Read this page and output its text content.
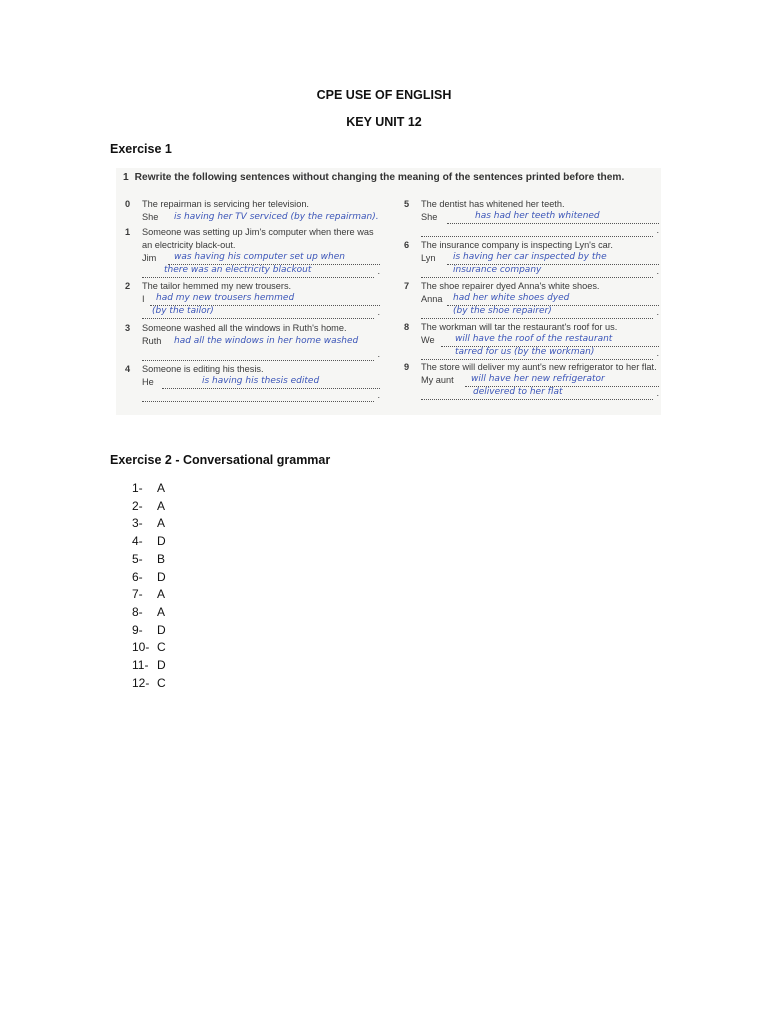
CPE USE OF ENGLISH
KEY UNIT 12
Exercise 1
1 Rewrite the following sentences without changing the meaning of the sentences printed before them.
0	The repairman is servicing her television.
She	is having her TV serviced (by the repairman).
1	Someone was setting up Jim's computer when there was an electricity black-out.
Jim	was having his computer set up when
there was an electricity blackout	.
2	The tailor hemmed my new trousers.
I	had my new trousers hemmed
(by the tailor)	.
3	Someone washed all the windows in Ruth's home.
Ruth	had all the windows in her home washed
.
4	Someone is editing his thesis.
He	is having his thesis edited
.
5	The dentist has whitened her teeth.
She	has had her teeth whitened
.
6	The insurance company is inspecting Lyn's car.
Lyn	is having her car inspected by the
insurance company	.
7	The shoe repairer dyed Anna's white shoes.
Anna	had her white shoes dyed
(by the shoe repairer)	.
8	The workman will tar the restaurant's roof for us.
We	will have the roof of the restaurant
tarred for us (by the workman)	.
9	The store will deliver my aunt's new refrigerator to her flat.
My aunt	will have her new refrigerator
delivered to her flat	.
Exercise 2 - Conversational grammar
1-	A
2-	A
3-	A
4-	D
5-	B
6-	D
7-	A
8-	A
9-	D
10- C
11- D
12- C
